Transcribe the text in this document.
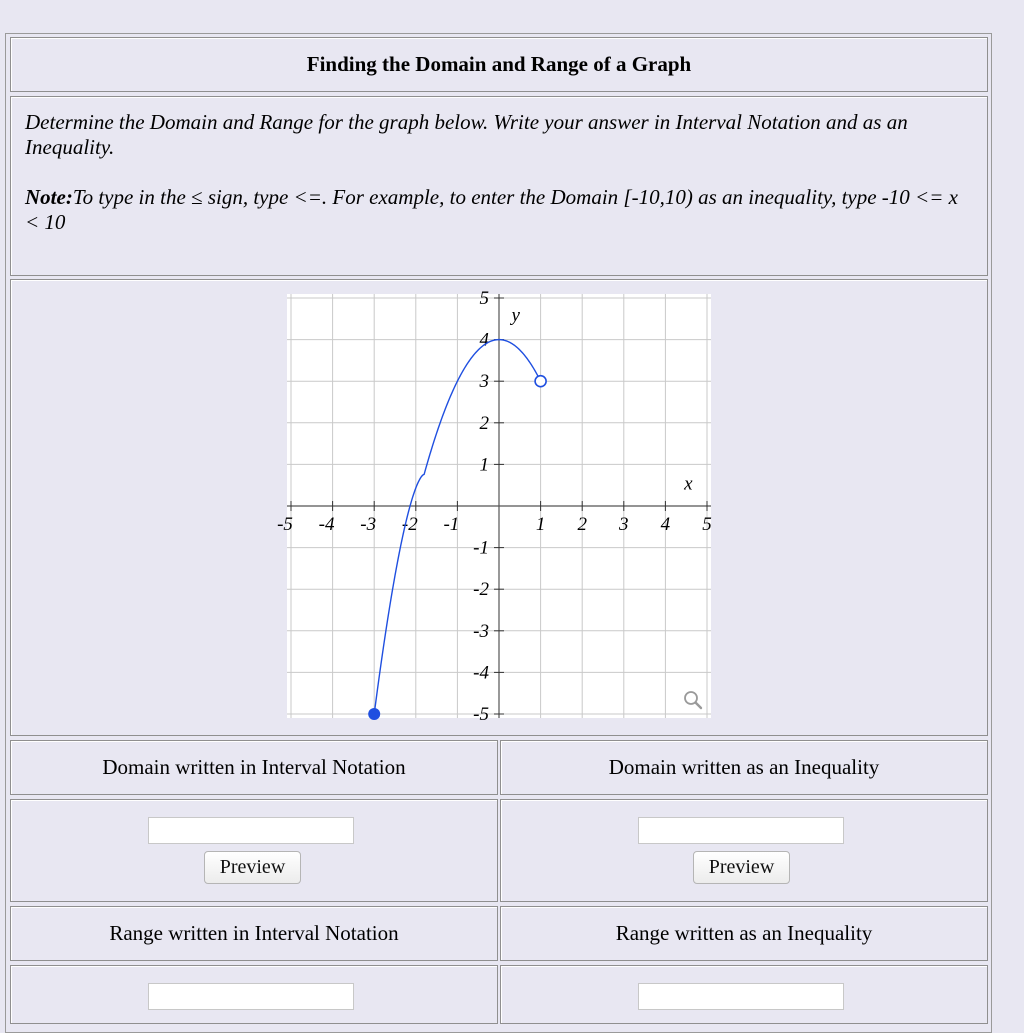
Finding the Domain and Range of a Graph

Determine the Domain and Range for the graph below. Write your answer in Interval Notation and as an Inequality.

Note:To type in the ≤ sign, type <=. For example, to enter the Domain [-10,10) as an inequality, type -10 <= x < 10

-5 -4 -3 -2 -1	1 2 3 4 5
5
4
3
2
1
-1
-2
-3
-4
-5
x
y
Domain written in Interval Notation	Domain written as an Inequality
Preview	Preview
Range written in Interval Notation	Range written as an Inequality
